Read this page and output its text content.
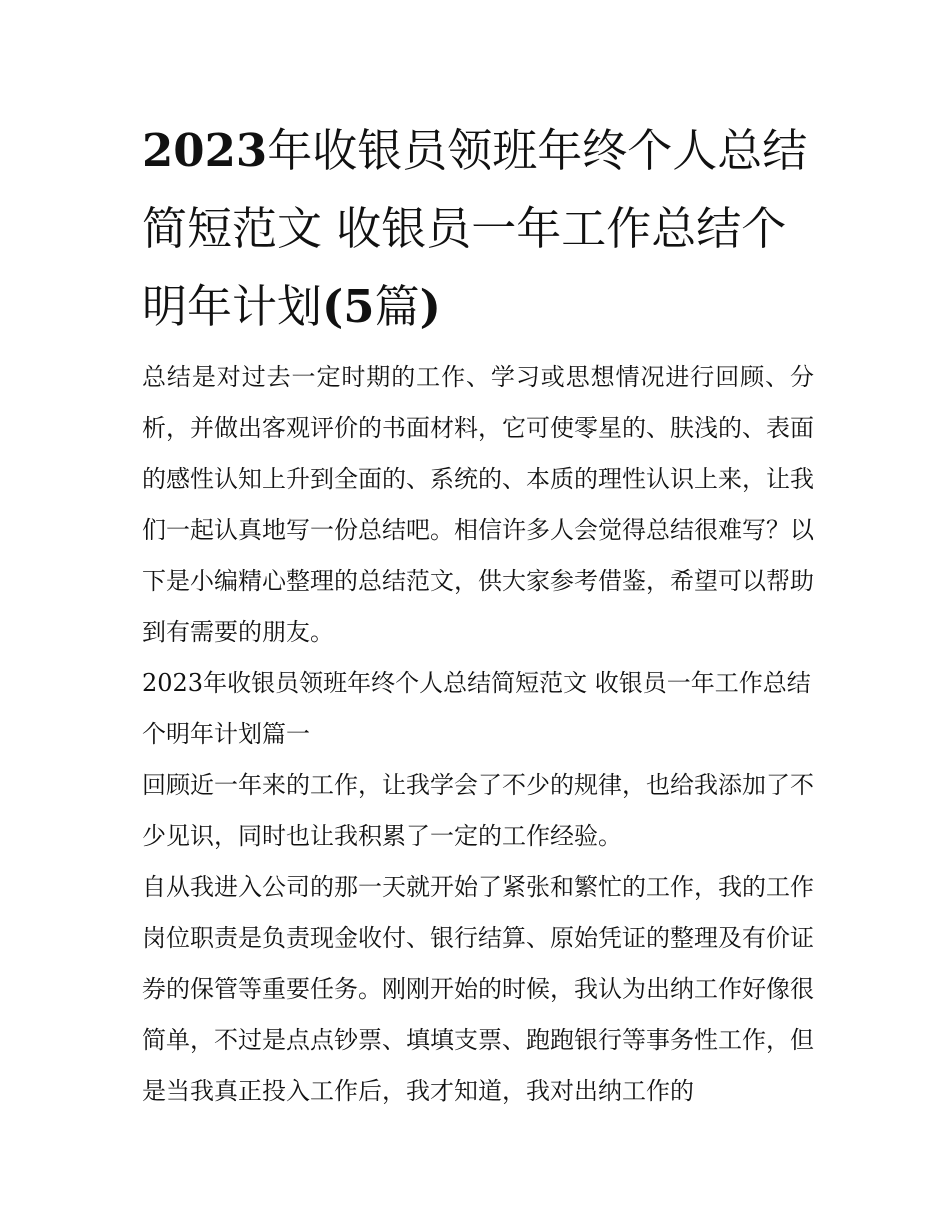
2023年收银员领班年终个人总结简短范文 收银员一年工作总结个明年计划(5篇)

总结是对过去一定时期的工作、学习或思想情况进行回顾、分析，并做出客观评价的书面材料，它可使零星的、肤浅的、表面的感性认知上升到全面的、系统的、本质的理性认识上来，让我们一起认真地写一份总结吧。相信许多人会觉得总结很难写？以下是小编精心整理的总结范文，供大家参考借鉴，希望可以帮助到有需要的朋友。

2023年收银员领班年终个人总结简短范文 收银员一年工作总结个明年计划篇一

回顾近一年来的工作，让我学会了不少的规律，也给我添加了不少见识，同时也让我积累了一定的工作经验。

自从我进入公司的那一天就开始了紧张和繁忙的工作，我的工作岗位职责是负责现金收付、银行结算、原始凭证的整理及有价证券的保管等重要任务。刚刚开始的时候，我认为出纳工作好像很简单，不过是点点钞票、填填支票、跑跑银行等事务性工作，但是当我真正投入工作后，我才知道，我对出纳工作的
